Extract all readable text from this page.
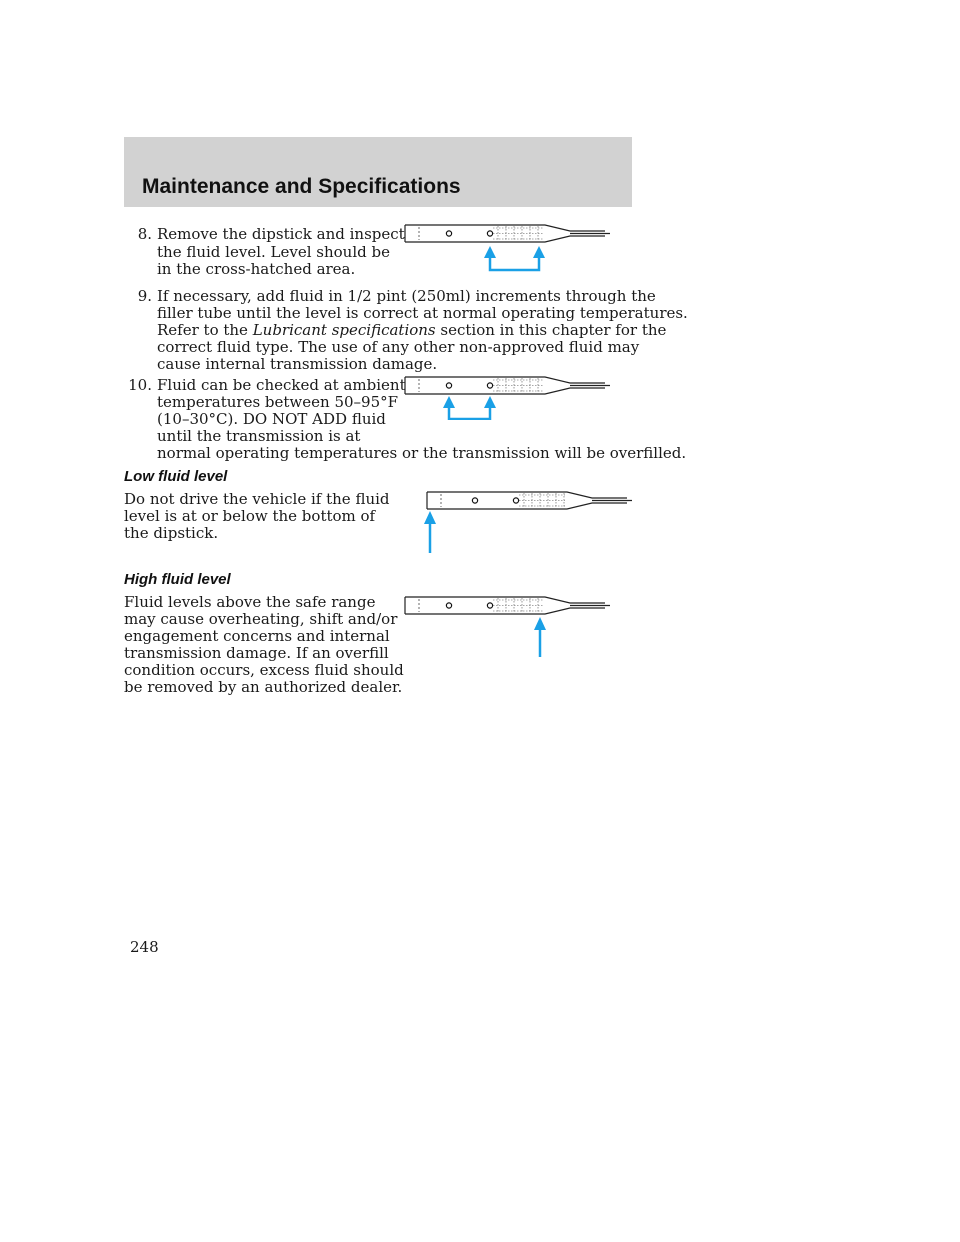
Maintenance and Specifications
8. Remove the dipstick and inspect
the fluid level. Level should be
in the cross-hatched area.
9. If necessary, add fluid in 1/2 pint (250ml) increments through the
filler tube until the level is correct at normal operating temperatures.
Refer to the Lubricant specifications section in this chapter for the
correct fluid type. The use of any other non-approved fluid may
cause internal transmission damage.
10. Fluid can be checked at ambient
temperatures between 50–95°F
(10–30°C). DO NOT ADD fluid
until the transmission is at
normal operating temperatures or the transmission will be overfilled.
Low fluid level
Do not drive the vehicle if the fluid
level is at or below the bottom of
the dipstick.
High fluid level
Fluid levels above the safe range
may cause overheating, shift and/or
engagement concerns and internal
transmission damage. If an overfill
condition occurs, excess fluid should
be removed by an authorized dealer.
248
